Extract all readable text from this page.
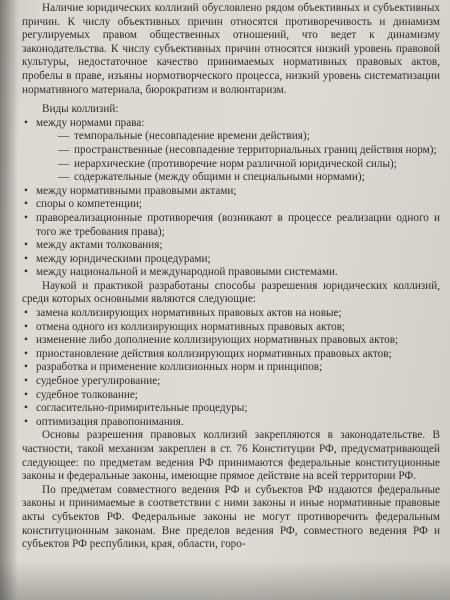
Наличие юридических коллизий обусловлено рядом объективных и субъективных причин. К числу объективных причин относятся противоречивость и динамизм регулируемых правом общественных отношений, что ведет к динамизму законодательства. К числу субъективных причин относятся низкий уровень правовой культуры, недостаточное качество принимаемых нормативных правовых актов, пробелы в праве, изъяны нормотворческого процесса, низкий уровень систематизации нормативного материала, бюрократизм и волюнтаризм.

Виды коллизий:

• между нормами права:
— темпоральные (несовпадение времени действия);
— пространственные (несовпадение территориальных границ действия норм);
— иерархические (противоречие норм различной юридической силы);
— содержательные (между общими и специальными нормами);
• между нормативными правовыми актами;
• споры о компетенции;
• правореализационные противоречия (возникают в процессе реализации одного и того же требования права);
• между актами толкования;
• между юридическими процедурами;
• между национальной и международной правовыми системами.

Наукой и практикой разработаны способы разрешения юридических коллизий, среди которых основными являются следующие:

• замена коллизирующих нормативных правовых актов на новые;
• отмена одного из коллизирующих нормативных правовых актов;
• изменение либо дополнение коллизирующих нормативных правовых актов;
• приостановление действия коллизирующих нормативных правовых актов;
• разработка и применение коллизионных норм и принципов;
• судебное урегулирование;
• судебное толкование;
• согласительно-примирительные процедуры;
• оптимизация правопонимания.

Основы разрешения правовых коллизий закрепляются в законодательстве. В частности, такой механизм закреплен в ст. 76 Конституции РФ, предусматривающей следующее: по предметам ведения РФ принимаются федеральные конституционные законы и федеральные законы, имеющие прямое действие на всей территории РФ.

По предметам совместного ведения РФ и субъектов РФ издаются федеральные законы и принимаемые в соответствии с ними законы и иные нормативные правовые акты субъектов РФ. Федеральные законы не могут противоречить федеральным конституционным законам. Вне пределов ведения РФ, совместного ведения РФ и субъектов РФ республики, края, области, горо-
